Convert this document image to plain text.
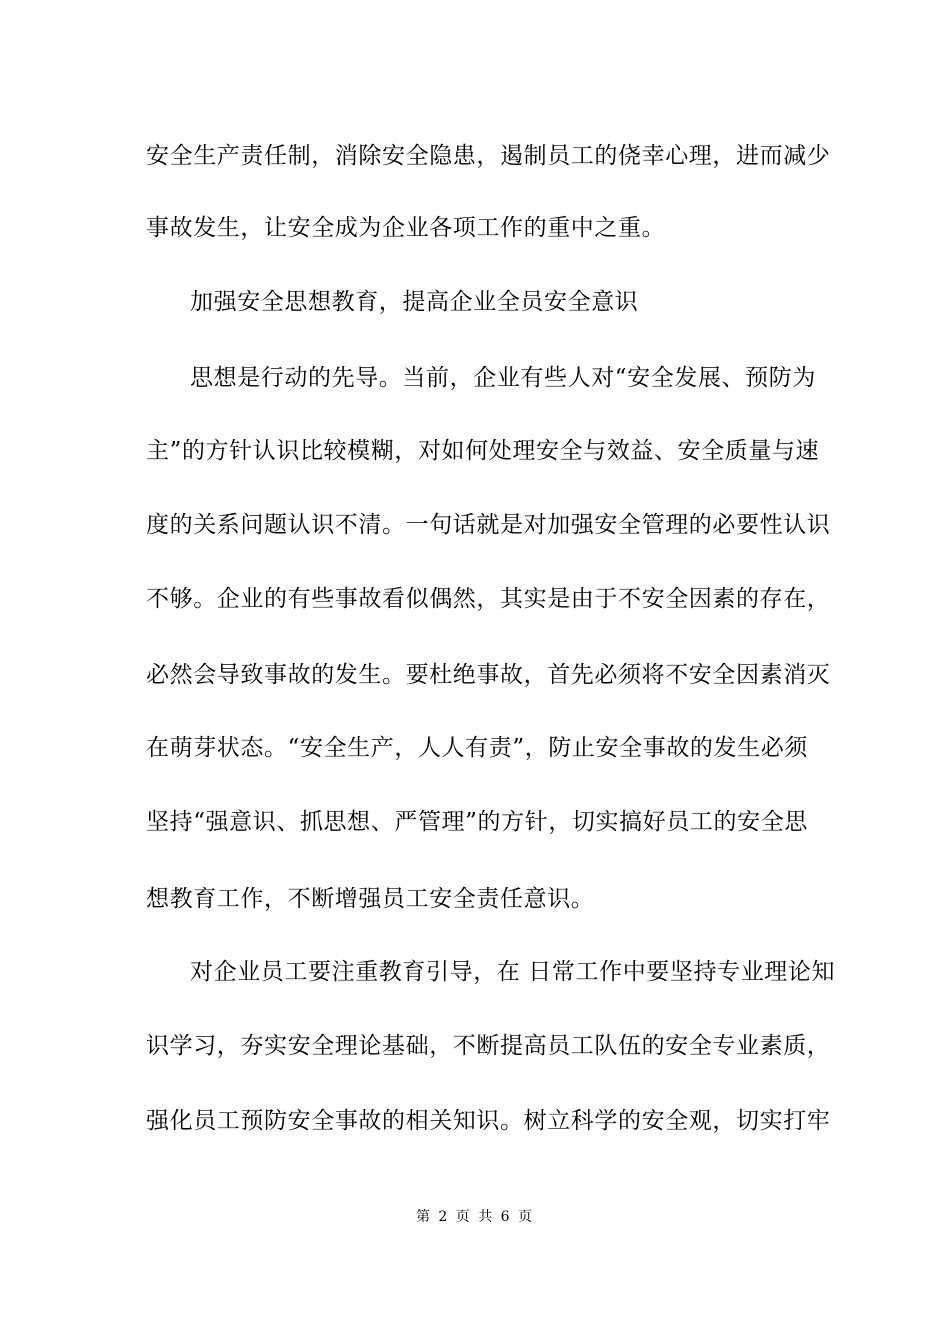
安全生产责任制，消除安全隐患，遏制员工的侥幸心理，进而减少
事故发生，让安全成为企业各项工作的重中之重。
加强安全思想教育，提高企业全员安全意识
思想是行动的先导。当前，企业有些人对“安全发展、预防为
主”的方针认识比较模糊，对如何处理安全与效益、安全质量与速
度的关系问题认识不清。一句话就是对加强安全管理的必要性认识
不够。企业的有些事故看似偶然，其实是由于不安全因素的存在，
必然会导致事故的发生。要杜绝事故，首先必须将不安全因素消灭
在萌芽状态。“安全生产，人人有责”，防止安全事故的发生必须
坚持“强意识、抓思想、严管理”的方针，切实搞好员工的安全思
想教育工作，不断增强员工安全责任意识。
对企业员工要注重教育引导，在 日常工作中要坚持专业理论知
识学习，夯实安全理论基础，不断提高员工队伍的安全专业素质，
强化员工预防安全事故的相关知识。树立科学的安全观，切实打牢
第 2 页 共 6 页
